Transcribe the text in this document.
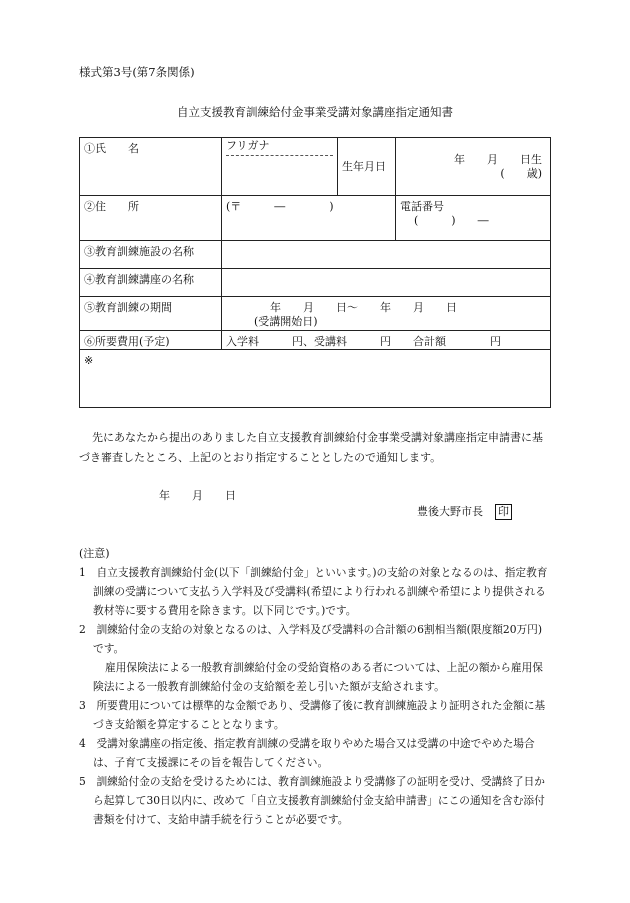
様式第3号(第7条関係)
自立支援教育訓練給付金事業受講対象講座指定通知書
①氏　　名	フリガナ	生年月日	年　　月　　日生
(　　歳)

②住　　所	(〒　　　―　　　　)		電話番号
(　　　)　　―

③教育訓練施設の名称			
④教育訓練講座の名称			
⑤教育訓練の期間	年　　月　　日～　　年　　月　　日
(受講開始日)		

⑥所要費用(予定)	入学料　　　円、受講料　　　円　　合計額　　　　円		
※			
先にあなたから提出のありました自立支援教育訓練給付金事業受講対象講座指定申請書に基づき審査したところ、上記のとおり指定することとしたので通知します。
年　　月　　日
豊後大野市長 印
(注意)
1　自立支援教育訓練給付金(以下「訓練給付金」といいます。)の支給の対象となるのは、指定教育訓練の受講について支払う入学料及び受講料(希望により行われる訓練や希望により提供される教材等に要する費用を除きます。以下同じです。)です。
2　訓練給付金の支給の対象となるのは、入学料及び受講料の合計額の6割相当額(限度額20万円)です。
雇用保険法による一般教育訓練給付金の受給資格のある者については、上記の額から雇用保険法による一般教育訓練給付金の支給額を差し引いた額が支給されます。
3　所要費用については標準的な金額であり、受講修了後に教育訓練施設より証明された金額に基づき支給額を算定することとなります。
4　受講対象講座の指定後、指定教育訓練の受講を取りやめた場合又は受講の中途でやめた場合は、子育て支援課にその旨を報告してください。
5　訓練給付金の支給を受けるためには、教育訓練施設より受講修了の証明を受け、受講終了日から起算して30日以内に、改めて「自立支援教育訓練給付金支給申請書」にこの通知を含む添付書類を付けて、支給申請手続を行うことが必要です。
